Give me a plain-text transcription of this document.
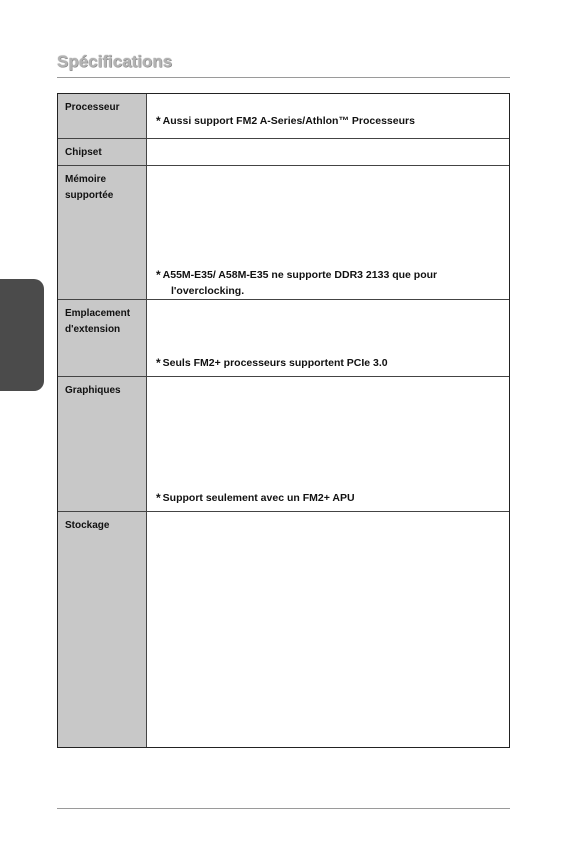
Spécifications
Processeur
* Aussi support FM2 A-Series/Athlon™ Processeurs
Chipset
Mémoire supportée
* A55M-E35/ A58M-E35 ne supporte DDR3 2133 que pour
l'overclocking.
Emplacement d'extension
* Seuls FM2+ processeurs supportent PCIe 3.0
Graphiques
* Support seulement avec un FM2+ APU
Stockage
